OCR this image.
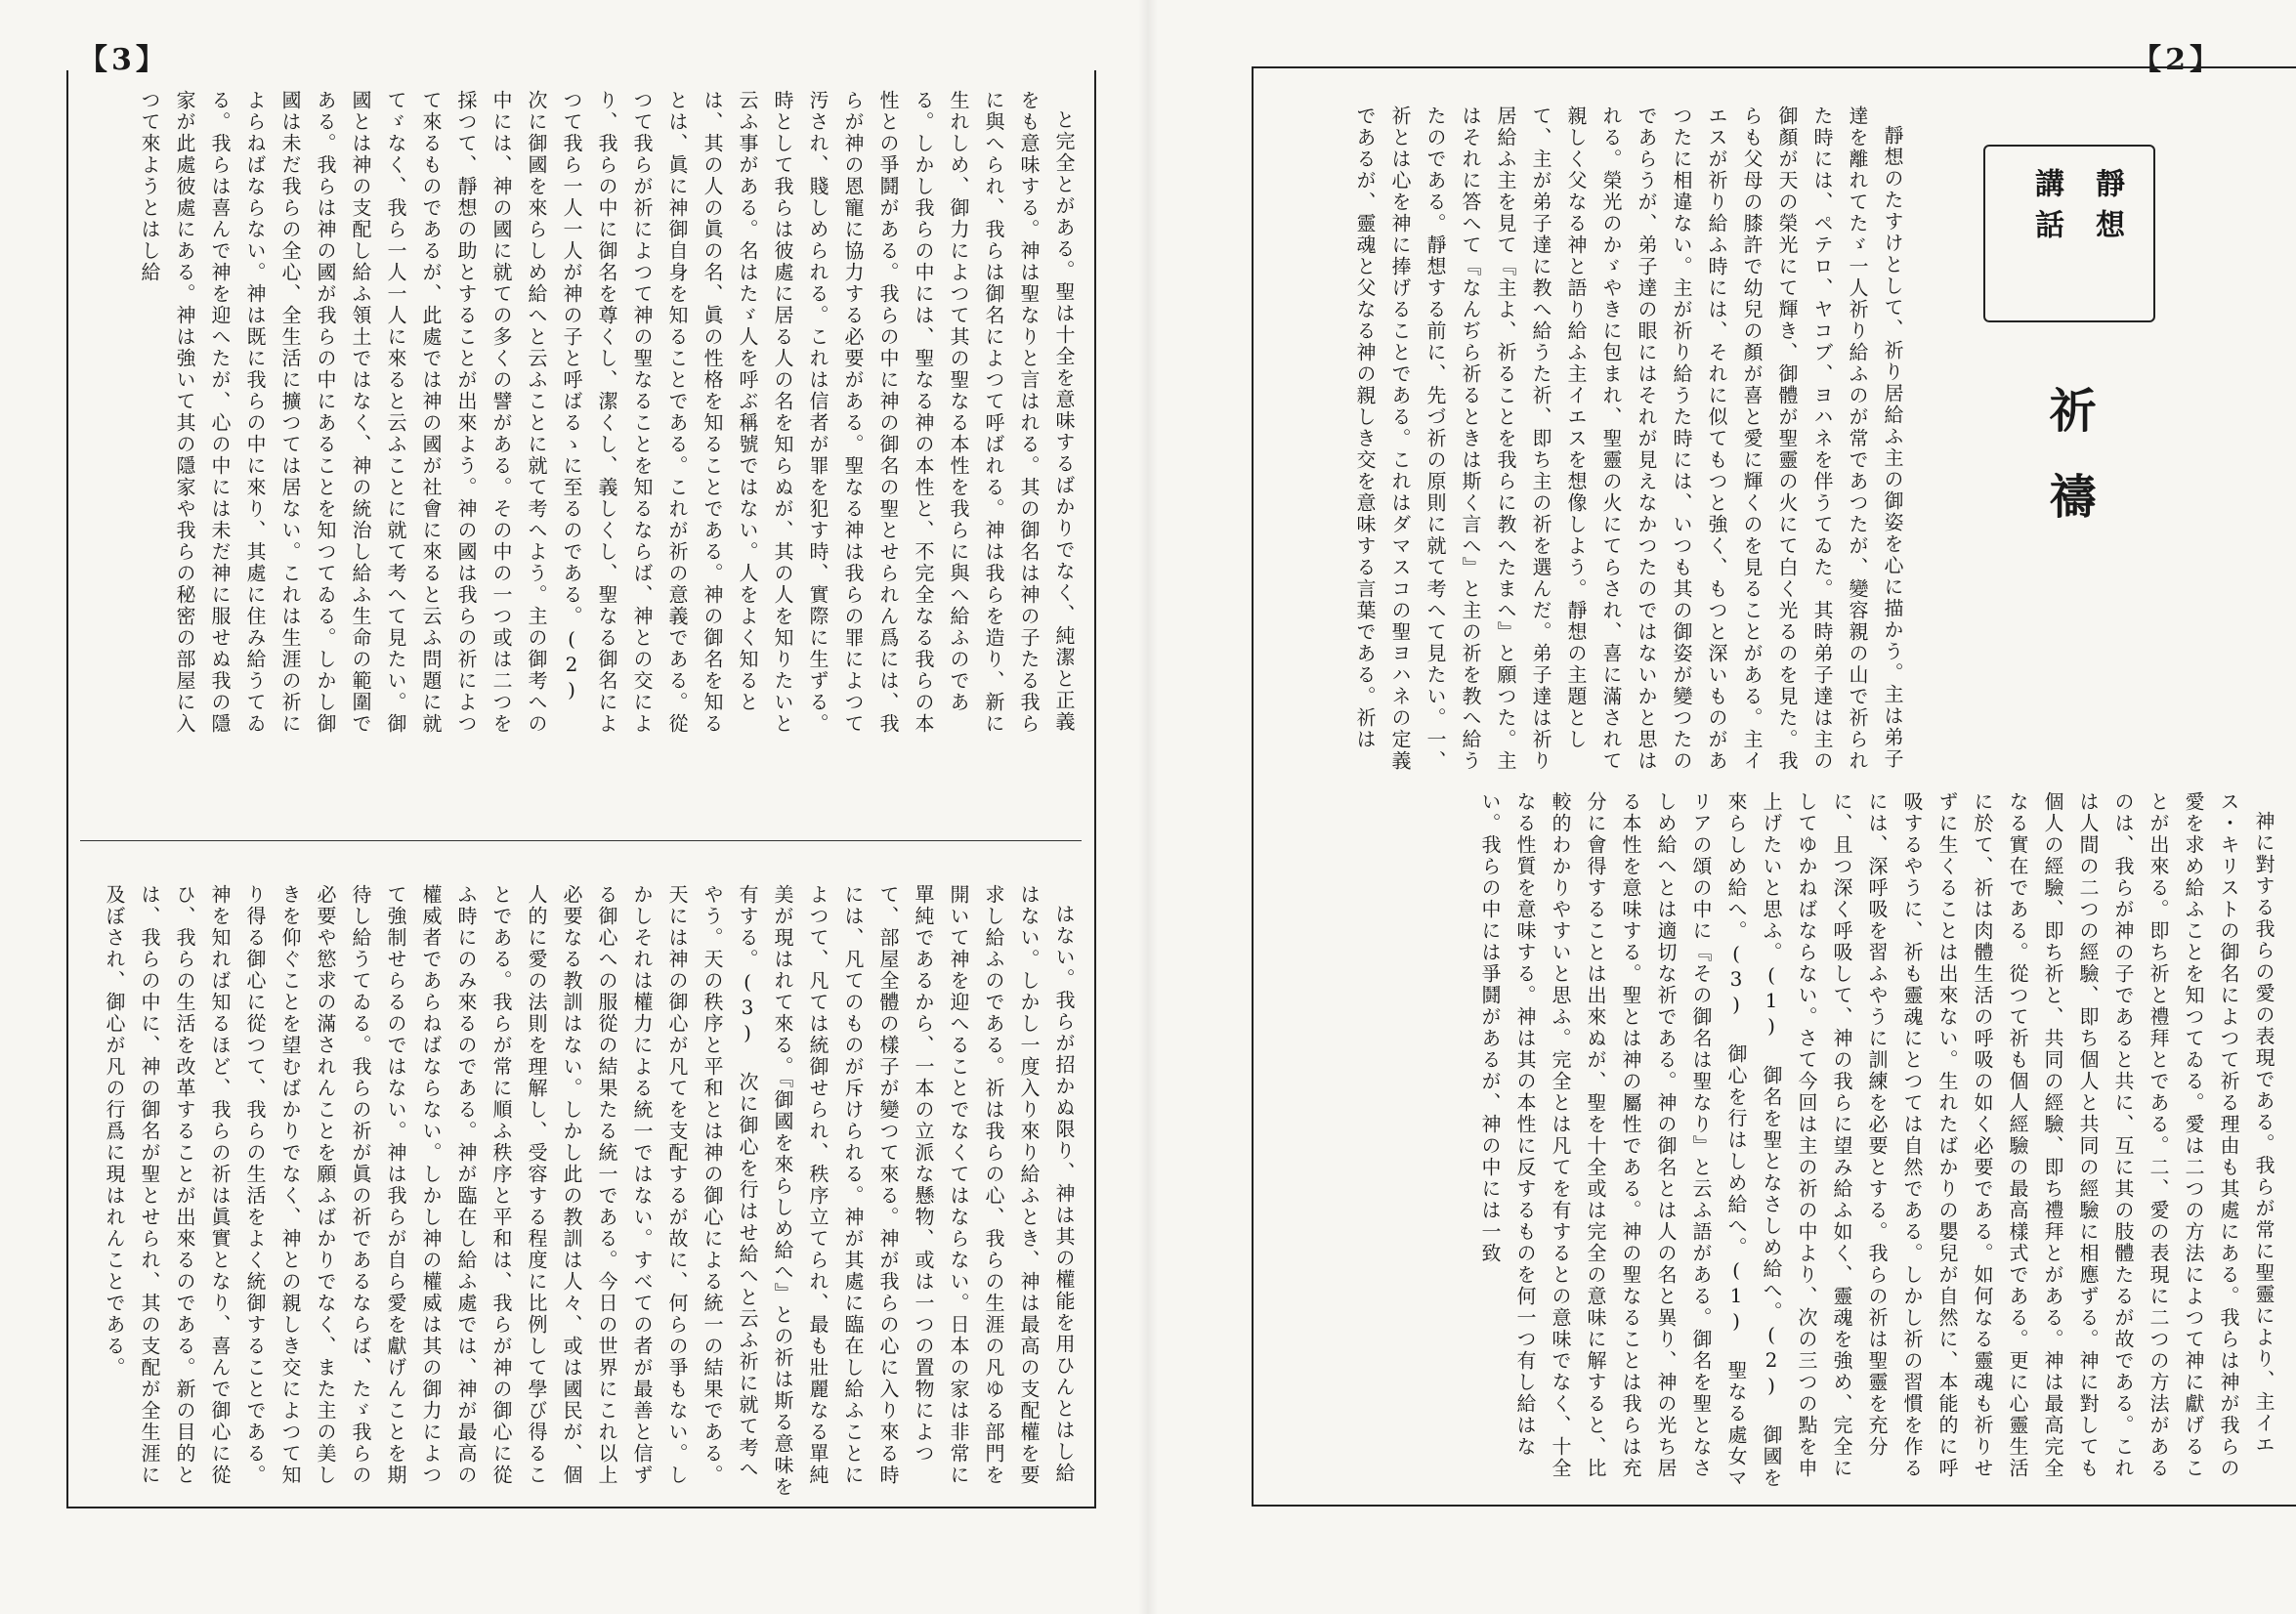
【3】

と完全とがある。聖は十全を意味するばかりでなく、純潔と正義をも意味する。神は聖なりと言はれる。其の御名は神の子たる我らに與へられ、我らは御名によつて呼ばれる。神は我らを造り、新に生れしめ、御力によつて其の聖なる本性を我らに與へ給ふのである。しかし我らの中には、聖なる神の本性と、不完全なる我らの本性との爭鬪がある。我らの中に神の御名の聖とせられん爲には、我らが神の恩寵に協力する必要がある。聖なる神は我らの罪によつて汚され、賤しめられる。これは信者が罪を犯す時、實際に生ずる。時として我らは彼處に居る人の名を知らぬが、其の人を知りたいと云ふ事がある。名はたゞ人を呼ぶ稱號ではない。人をよく知るとは、其の人の眞の名、眞の性格を知ることである。神の御名を知るとは、眞に神御自身を知ることである。これが祈の意義である。從つて我らが祈によつて神の聖なることを知るならば、神との交により、我らの中に御名を尊くし、潔くし、義しくし、聖なる御名によつて我ら一人一人が神の子と呼ばるゝに至るのである。(2) 次に御國を來らしめ給へと云ふことに就て考へよう。主の御考への中には、神の國に就ての多くの譬がある。その中の一つ或は二つを採つて、靜想の助とすることが出來よう。神の國は我らの祈によつて來るものであるが、此處では神の國が社會に來ると云ふ問題に就てゞなく、我ら一人一人に來ると云ふことに就て考へて見たい。御國とは神の支配し給ふ領土ではなく、神の統治し給ふ生命の範圍である。我らは神の國が我らの中にあることを知つてゐる。しかし御國は未だ我らの全心、全生活に擴つては居ない。これは生涯の祈によらねばならない。神は既に我らの中に來り、其處に住み給うてゐる。我らは喜んで神を迎へたが、心の中には未だ神に服せぬ我の隱家が此處彼處にある。神は強いて其の隱家や我らの秘密の部屋に入つて來ようとはし給

はない。我らが招かぬ限り、神は其の權能を用ひんとはし給はない。しかし一度入り來り給ふとき、神は最高の支配權を要求し給ふのである。祈は我らの心、我らの生涯の凡ゆる部門を開いて神を迎へることでなくてはならない。日本の家は非常に單純であるから、一本の立派な懸物、或は一つの置物によつて、部屋全體の樣子が變つて來る。神が我らの心に入り來る時には、凡てのものが斥けられる。神が其處に臨在し給ふことによつて、凡ては統御せられ、秩序立てられ、最も壯麗なる單純美が現はれて來る。『御國を來らしめ給へ』との祈は斯る意味を有する。(3) 次に御心を行はせ給へと云ふ祈に就て考へやう。天の秩序と平和とは神の御心による統一の結果である。天には神の御心が凡てを支配するが故に、何らの爭もない。しかしそれは權力による統一ではない。すべての者が最善と信ずる御心への服從の結果たる統一である。今日の世界にこれ以上必要なる教訓はない。しかし此の教訓は人々、或は國民が、個人的に愛の法則を理解し、受容する程度に比例して學び得ることである。我らが常に順ふ秩序と平和は、我らが神の御心に從ふ時にのみ來るのである。神が臨在し給ふ處では、神が最高の權威者であらねばならない。しかし神の權威は其の御力によつて強制せらるのではない。神は我らが自ら愛を獻げんことを期待し給うてゐる。我らの祈が眞の祈であるならば、たゞ我らの必要や慾求の滿されんことを願ふばかりでなく、また主の美しきを仰ぐことを望むばかりでなく、神との親しき交によつて知り得る御心に從つて、我らの生活をよく統御することである。神を知れば知るほど、我らの祈は眞實となり、喜んで御心に從ひ、我らの生活を改革することが出來るのである。新の目的とは、我らの中に、神の御名が聖とせられ、其の支配が全生涯に及ぼされ、御心が凡の行爲に現はれんことである。

【2】

靜想のたすけとして、祈り居給ふ主の御姿を心に描かう。主は弟子達を離れてたゞ一人祈り給ふのが常であつたが、變容親の山で祈られた時には、ペテロ、ヤコブ、ヨハネを伴うてゐた。其時弟子達は主の御顏が天の榮光にて輝き、御體が聖靈の火にて白く光るのを見た。我らも父母の膝許で幼兒の顏が喜と愛に輝くのを見ることがある。主イエスが祈り給ふ時には、それに似てもつと強く、もつと深いものがあつたに相違ない。主が祈り給うた時には、いつも其の御姿が變つたのであらうが、弟子達の眼にはそれが見えなかつたのではないかと思はれる。榮光のかゞやきに包まれ、聖靈の火にてらされ、喜に滿されて親しく父なる神と語り給ふ主イエスを想像しよう。靜想の主題として、主が弟子達に教へ給うた祈、即ち主の祈を選んだ。弟子達は祈り居給ふ主を見て『主よ、祈ることを我らに教へたまへ』と願つた。主はそれに答へて『なんぢら祈るときは斯く言へ』と主の祈を教へ給うたのである。靜想する前に、先づ祈の原則に就て考へて見たい。一、祈とは心を神に捧げることである。これはダマスコの聖ヨハネの定義であるが、靈魂と父なる神の親しき交を意味する言葉である。祈は

神に對する我らの愛の表現である。我らが常に聖靈により、主イエス・キリストの御名によつて祈る理由も其處にある。我らは神が我らの愛を求め給ふことを知つてゐる。愛は二つの方法によつて神に獻げることが出來る。即ち祈と禮拜とである。二、愛の表現に二つの方法があるのは、我らが神の子であると共に、互に其の肢體たるが故である。これは人間の二つの經驗、即ち個人と共同の經驗に相應ずる。神に對しても個人の經驗、即ち祈と、共同の經驗、即ち禮拜とがある。神は最高完全なる實在である。從つて祈も個人經驗の最高樣式である。更に心靈生活に於て、祈は肉體生活の呼吸の如く必要である。如何なる靈魂も祈りせずに生くることは出來ない。生れたばかりの嬰兒が自然に、本能的に呼吸するやうに、祈も靈魂にとつては自然である。しかし祈の習慣を作るには、深呼吸を習ふやうに訓練を必要とする。我らの祈は聖靈を充分に、且つ深く呼吸して、神の我らに望み給ふ如く、靈魂を強め、完全にしてゆかねばならない。さて今回は主の祈の中より、次の三つの點を申上げたいと思ふ。(1) 御名を聖となさしめ給へ。(2) 御國を來らしめ給へ。(3) 御心を行はしめ給へ。(1) 聖なる處女マリアの頌の中に『その御名は聖なり』と云ふ語がある。御名を聖となさしめ給へとは適切な祈である。神の御名とは人の名と異り、神の光ち居る本性を意味する。聖とは神の屬性である。神の聖なることは我らは充分に會得することは出來ぬが、聖を十全或は完全の意味に解すると、比較的わかりやすいと思ふ。完全とは凡てを有するとの意味でなく、十全なる性質を意味する。神は其の本性に反するものを何一つ有し給はない。我らの中には爭鬪があるが、神の中には一致

靜想
講話
祈禱
